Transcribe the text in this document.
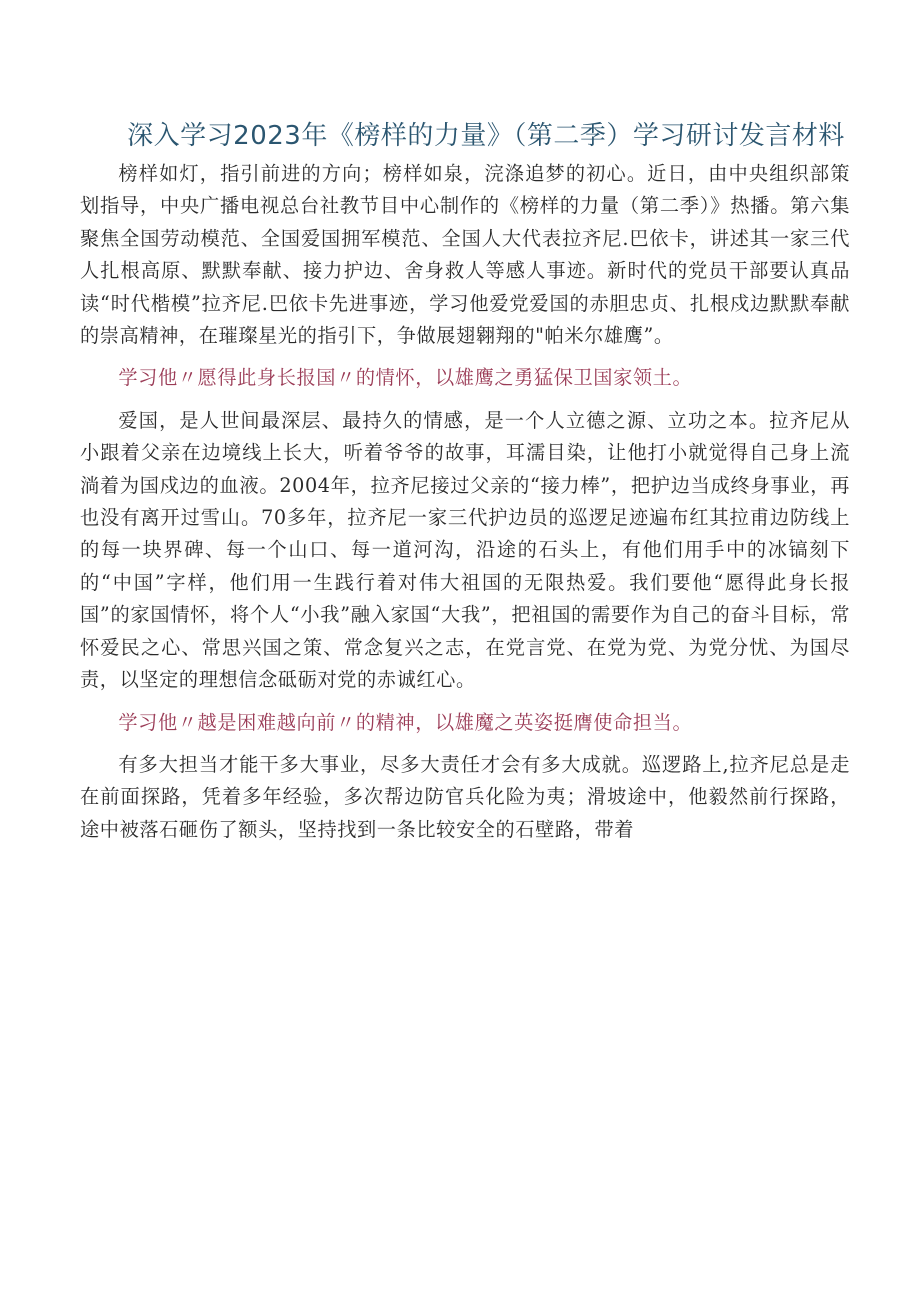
深入学习2023年《榜样的力量》（第二季）学习研讨发言材料

榜样如灯，指引前进的方向；榜样如泉，浣涤追梦的初心。近日，由中央组织部策划指导，中央广播电视总台社教节目中心制作的《榜样的力量（第二季）》热播。第六集聚焦全国劳动模范、全国爱国拥军模范、全国人大代表拉齐尼.巴依卡，讲述其一家三代人扎根高原、默默奉献、接力护边、舍身救人等感人事迹。新时代的党员干部要认真品读“时代楷模”拉齐尼.巴依卡先进事迹，学习他爱党爱国的赤胆忠贞、扎根戍边默默奉献的崇高精神，在璀璨星光的指引下，争做展翅翱翔的"帕米尔雄鹰”。

学习他〃愿得此身长报国〃的情怀，以雄鹰之勇猛保卫国家领土。

爱国，是人世间最深层、最持久的情感，是一个人立德之源、立功之本。拉齐尼从小跟着父亲在边境线上长大，听着爷爷的故事，耳濡目染，让他打小就觉得自己身上流淌着为国戍边的血液。2004年，拉齐尼接过父亲的“接力棒”，把护边当成终身事业，再也没有离开过雪山。70多年，拉齐尼一家三代护边员的巡逻足迹遍布红其拉甫边防线上的每一块界碑、每一个山口、每一道河沟，沿途的石头上，有他们用手中的冰镐刻下的“中国”字样，他们用一生践行着对伟大祖国的无限热爱。我们要他“愿得此身长报国”的家国情怀，将个人“小我”融入家国“大我”，把祖国的需要作为自己的奋斗目标，常怀爱民之心、常思兴国之策、常念复兴之志，在党言党、在党为党、为党分忧、为国尽责，以坚定的理想信念砥砺对党的赤诚红心。

学习他〃越是困难越向前〃的精神，以雄魔之英姿挺膺使命担当。

有多大担当才能干多大事业，尽多大责任才会有多大成就。巡逻路上,拉齐尼总是走在前面探路，凭着多年经验，多次帮边防官兵化险为夷；滑坡途中，他毅然前行探路，途中被落石砸伤了额头，坚持找到一条比较安全的石壁路，带着
